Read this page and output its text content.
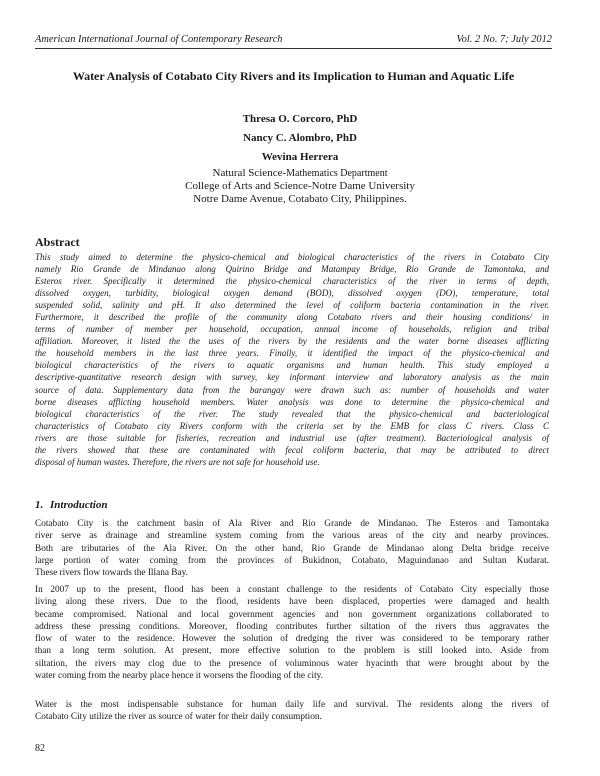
American International Journal of Contemporary Research	Vol. 2 No. 7; July 2012
Water Analysis of Cotabato City Rivers and its Implication to Human and Aquatic Life
Thresa O. Corcoro, PhD
Nancy C. Alombro, PhD
Wevina Herrera
Natural Science-Mathematics Department
College of Arts and Science-Notre Dame University
Notre Dame Avenue, Cotabato City, Philippines.
Abstract
This study aimed to determine the physico-chemical and biological characteristics of the rivers in Cotabato City
namely Rio Grande de Mindanao along Quirino Bridge and Matampay Bridge, Rio Grande de Tamontaka, and
Esteros river. Specifically it determined the physico-chemical characteristics of the river in terms of depth,
dissolved oxygen, turbidity, biological oxygen demand (BOD), dissolved oxygen (DO), temperature, total
suspended solid, salinity and pH. It also determined the level of coliform bacteria contamination in the river.
Furthermore, it described the profile of the community along Cotabato rivers and their housing conditions/ in
terms of number of member per household, occupation, annual income of households, religion and tribal
affiliation. Moreover, it listed the the uses of the rivers by the residents and the water borne diseases afflicting
the household members in the last three years. Finally, it identified the impact of the physico-chemical and
biological characteristics of the rivers to aquatic organisms and human health. This study employed a
descriptive-quantitative research design with survey, key informant interview and laboratory analysis as the main
source of data. Supplementary data from the barangay were drawn such as: number of households and water
borne diseases afflicting household members. Water analysis was done to determine the physico-chemical and
biological characteristics of the river. The study revealed that the physico-chemical and bacteriological
characteristics of Cotabato city Rivers conform with the criteria set by the EMB for class C rivers. Class C
rivers are those suitable for fisheries, recreation and industrial use (after treatment). Bacteriological analysis of
the rivers showed that these are contaminated with fecal coliform bacteria, that may be attributed to direct
disposal of human wastes. Therefore, the rivers are not safe for household use.
1. Introduction
Cotabato City is the catchment basin of Ala River and Rio Grande de Mindanao. The Esteros and Tamontaka
river serve as drainage and streamline system coming from the various areas of the city and nearby provinces.
Both are tributaries of the Ala River. On the other hand, Rio Grande de Mindanao along Delta bridge receive
large portion of water coming from the provinces of Bukidnon, Cotabato, Maguindanao and Sultan Kudarat.
These rivers flow towards the Illana Bay.
In 2007 up to the present, flood has been a constant challenge to the residents of Cotabato City especially those
living along these rivers. Due to the flood, residents have been displaced, properties were damaged and health
became compromised. National and local government agencies and non government organizations collaborated to
address these pressing conditions. Moreover, flooding contributes further siltation of the rivers thus aggravates the
flow of water to the residence. However the solution of dredging the river was considered to be temporary rather
than a long term solution. At present, more effective solution to the problem is still looked into. Aside from
siltation, the rivers may clog due to the presence of voluminous water hyacinth that were brought about by the
water coming from the nearby place hence it worsens the flooding of the city.
Water is the most indispensable substance for human daily life and survival. The residents along the rivers of
Cotabato City utilize the river as source of water for their daily consumption.
82
